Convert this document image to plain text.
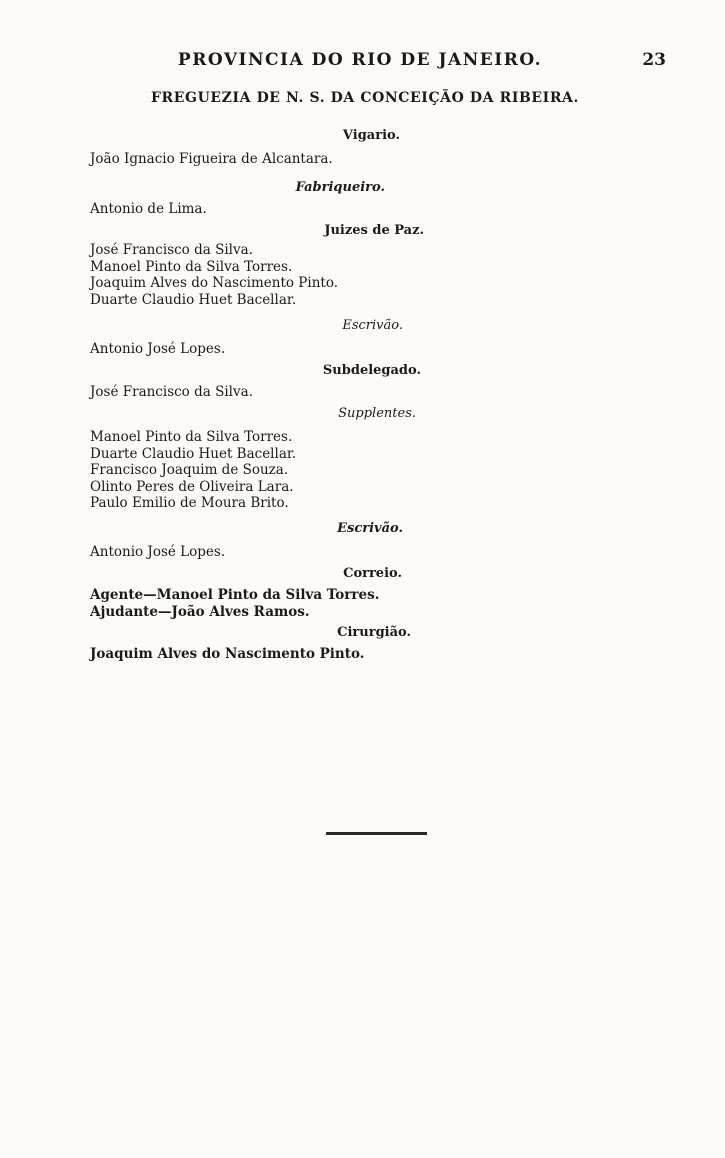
PROVINCIA DO RIO DE JANEIRO.	23
FREGUEZIA DE N. S. DA CONCEIÇÃO DA RIBEIRA.
Vigario.
João Ignacio Figueira de Alcantara.
Fabriqueiro.
Antonio de Lima.
Juizes de Paz.
José Francisco da Silva.
Manoel Pinto da Silva Torres.
Joaquim Alves do Nascimento Pinto.
Duarte Claudio Huet Bacellar.
Escrivão.
Antonio José Lopes.
Subdelegado.
José Francisco da Silva.
Supplentes.
Manoel Pinto da Silva Torres.
Duarte Claudio Huet Bacellar.
Francisco Joaquim de Souza.
Olinto Peres de Oliveira Lara.
Paulo Emilio de Moura Brito.
Escrivão.
Antonio José Lopes.
Correio.
Agente—Manoel Pinto da Silva Torres.
Ajudante—João Alves Ramos.
Cirurgião.
Joaquim Alves do Nascimento Pinto.
